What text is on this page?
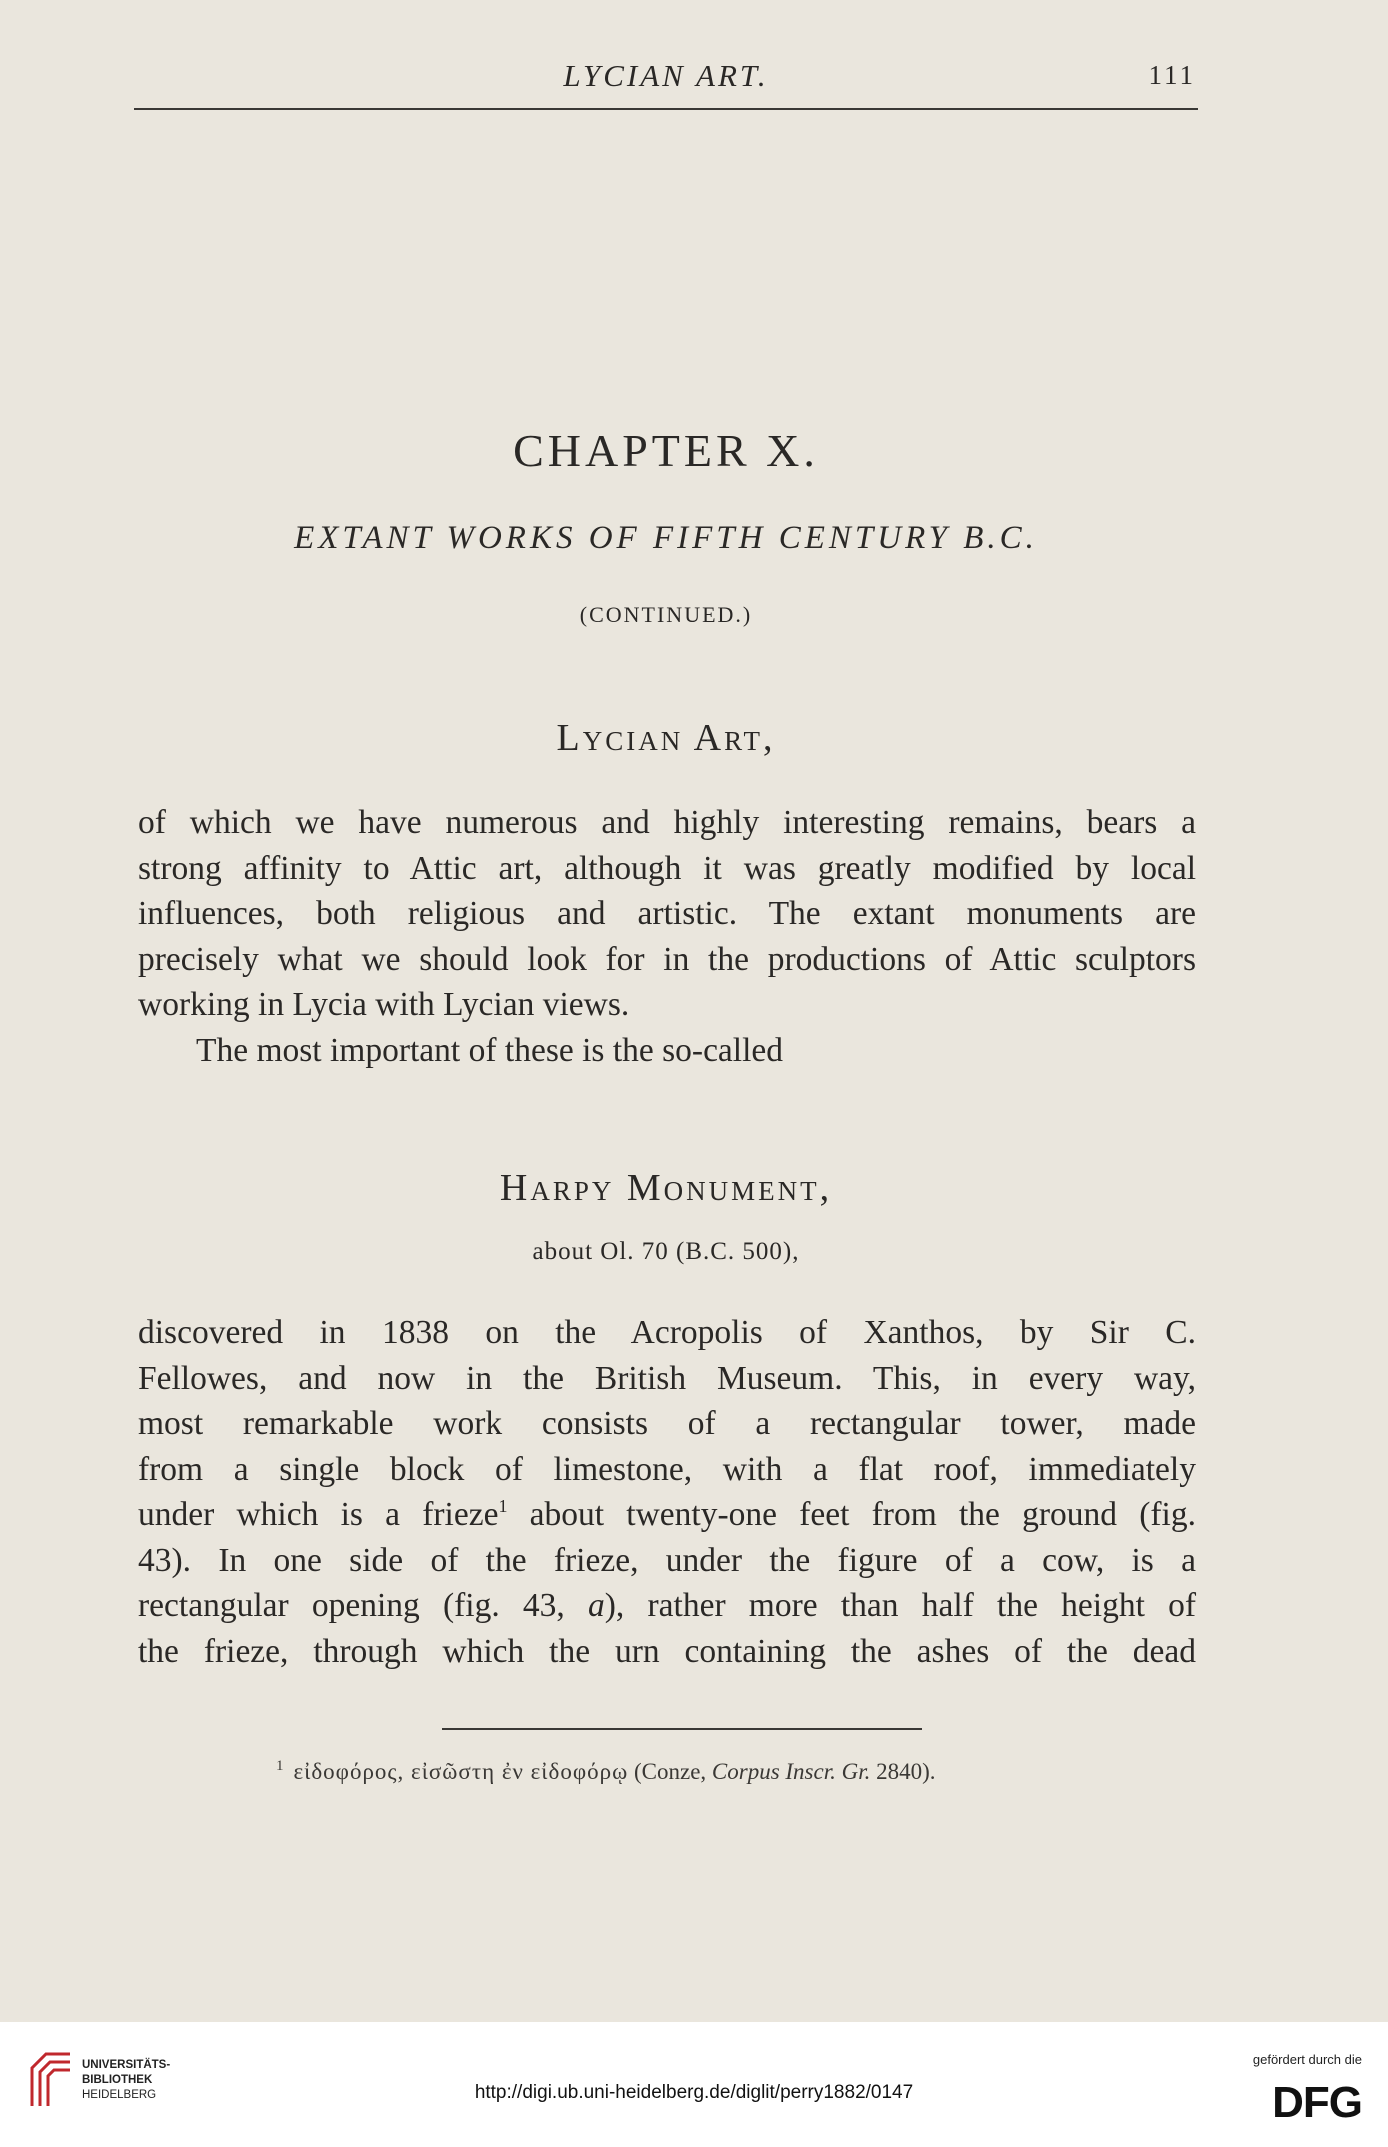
LYCIAN ART.	111
CHAPTER X.
EXTANT WORKS OF FIFTH CENTURY B.C.
(CONTINUED.)
Lycian Art,
of which we have numerous and highly interesting remains, bears a
strong affinity to Attic art, although it was greatly modified by local
influences, both religious and artistic. The extant monuments are
precisely what we should look for in the productions of Attic sculptors
working in Lycia with Lycian views.
The most important of these is the so-called
Harpy Monument,
about Ol. 70 (B.C. 500),
discovered in 1838 on the Acropolis of Xanthos, by Sir C.
Fellowes, and now in the British Museum. This, in every way,
most remarkable work consists of a rectangular tower, made
from a single block of limestone, with a flat roof, immediately
under which is a frieze$^1$ about twenty-one feet from the ground (fig.
43). In one side of the frieze, under the figure of a cow, is a
rectangular opening (fig. 43, a), rather more than half the height of
the frieze, through which the urn containing the ashes of the dead
$^1$ εἰδοφόρος, εἰσῶστη ἐν εἰδοφόρῳ (Conze, Corpus Inscr. Gr. 2840).
UNIVERSITÄTS-
BIBLIOTHEK
HEIDELBERG	http://digi.ub.uni-heidelberg.de/diglit/perry1882/0147
gefördert durch die
DFG
